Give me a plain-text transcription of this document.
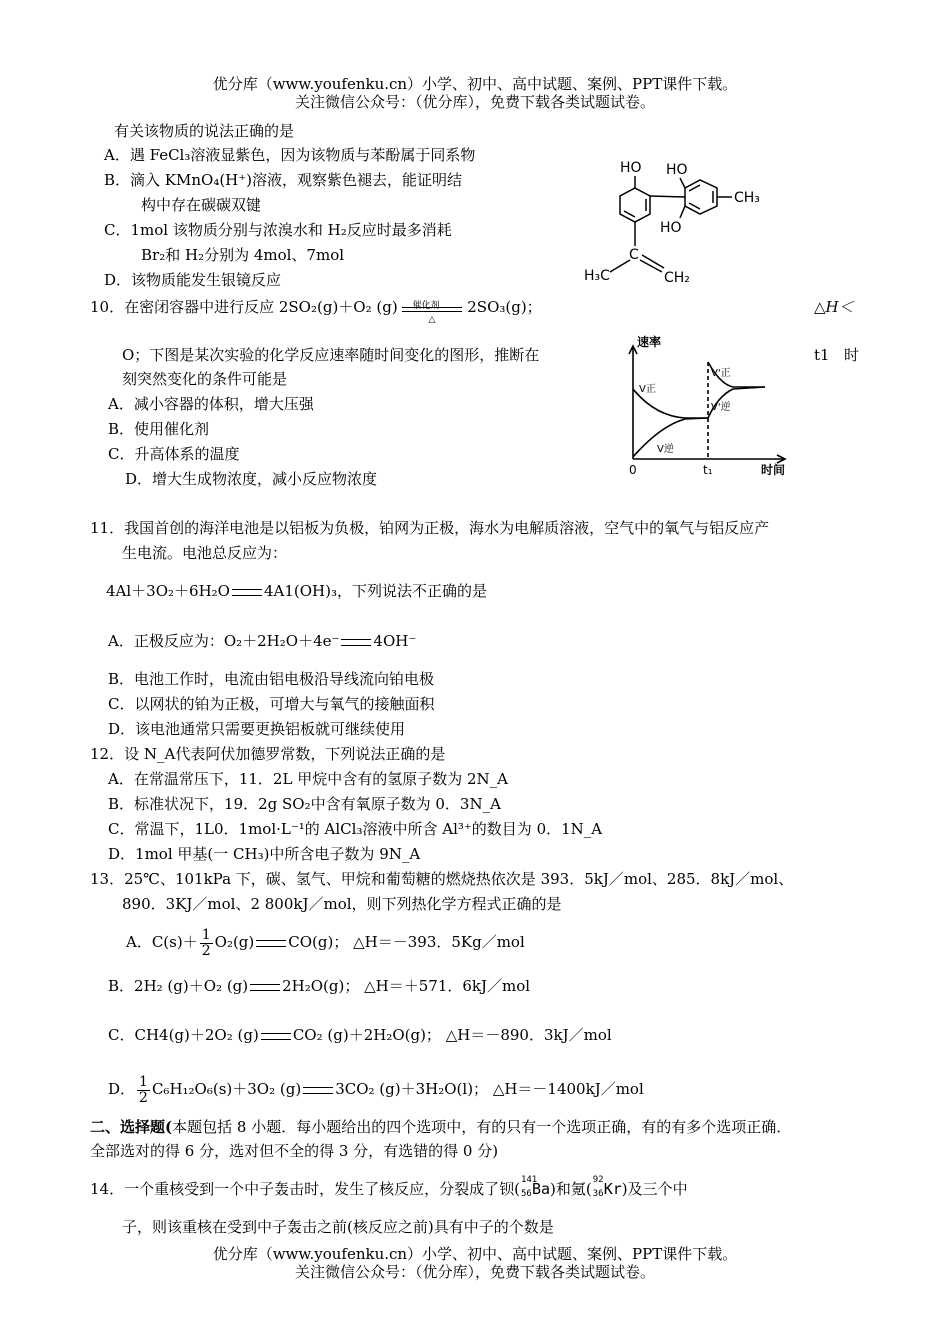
优分库（www.youfenku.cn）小学、初中、高中试题、案例、PPT课件下载。
关注微信公众号：（优分库），免费下载各类试题试卷。
有关该物质的说法正确的是
A．遇 FeCl₃溶液显紫色，因为该物质与苯酚属于同系物
B．滴入 KMnO₄(H⁺)溶液，观察紫色褪去，能证明结
构中存在碳碳双键
C．1mol 该物质分别与浓溴水和 H₂反应时最多消耗
Br₂和 H₂分别为 4mol、7mol
D．该物质能发生银镜反应
HO HO
HO
CH₃
C
H₃C	CH₂
10．在密闭容器中进行反应 2SO₂(g)＋O₂ (g) 催化剂
△
2SO₃(g)；	△H＜
O；下图是某次实验的化学反应速率随时间变化的图形，推断在	t1 时
刻突然变化的条件可能是
A．减小容器的体积，增大压强
B．使用催化剂
C．升高体系的温度
D．增大生成物浓度，减小反应物浓度
速率
时间
0	t₁
V正
V逆
V'正
V'逆
11．我国首创的海洋电池是以铝板为负极，铂网为正极，海水为电解质溶液，空气中的氧气与铝反应产
生电流。电池总反应为：
4Al＋3O₂＋6H₂O 4A1(OH)₃，下列说法不正确的是
A．正极反应为：O₂＋2H₂O＋4e⁻ 4OH⁻
B．电池工作时，电流由铝电极沿导线流向铂电极
C．以网状的铂为正极，可增大与氧气的接触面积
D．该电池通常只需要更换铝板就可继续使用
12．设 N_A代表阿伏加德罗常数，下列说法正确的是
A．在常温常压下，11．2L 甲烷中含有的氢原子数为 2N_A
B．标准状况下，19．2g SO₂中含有氧原子数为 0．3N_A
C．常温下，1L0．1mol·L⁻¹的 AlCl₃溶液中所含 Al³⁺的数目为 0．1N_A
D．1mol 甲基(一 CH₃)中所含电子数为 9N_A
13．25℃、101kPa 下，碳、氢气、甲烷和葡萄糖的燃烧热依次是 393．5kJ／mol、285．8kJ／mol、
890．3KJ／mol、2 800kJ／mol，则下列热化学方程式正确的是
A．$C(s)+ \frac{1}{2} O_2(g)$ CO(g)； △H＝－393．5Kg／mol
B．2H₂ (g)＋O₂ (g) 2H₂O(g)； △H＝＋571．6kJ／mol
C．CH4(g)＋2O₂ (g) CO₂ (g)＋2H₂O(g)； △H＝－890．3kJ／mol
D． $\frac{1}{2} C_6H_{12}O_6(s)+3O_2$ (g) 3CO₂ (g)＋3H₂O(l)； △H＝－1400kJ／mol
二、选择题(本题包括 8 小题．每小题给出的四个选项中，有的只有一个选项正确，有的有多个选项正确．
全部选对的得 6 分，选对但不全的得 3 分，有选错的得 0 分)
14．一个重核受到一个中子轰击时，发生了核反应，分裂成了钡( 141
56 Ba)和氪( 92
36 Kr)及三个中
子，则该重核在受到中子轰击之前(核反应之前)具有中子的个数是
优分库（www.youfenku.cn）小学、初中、高中试题、案例、PPT课件下载。
关注微信公众号：（优分库），免费下载各类试题试卷。
